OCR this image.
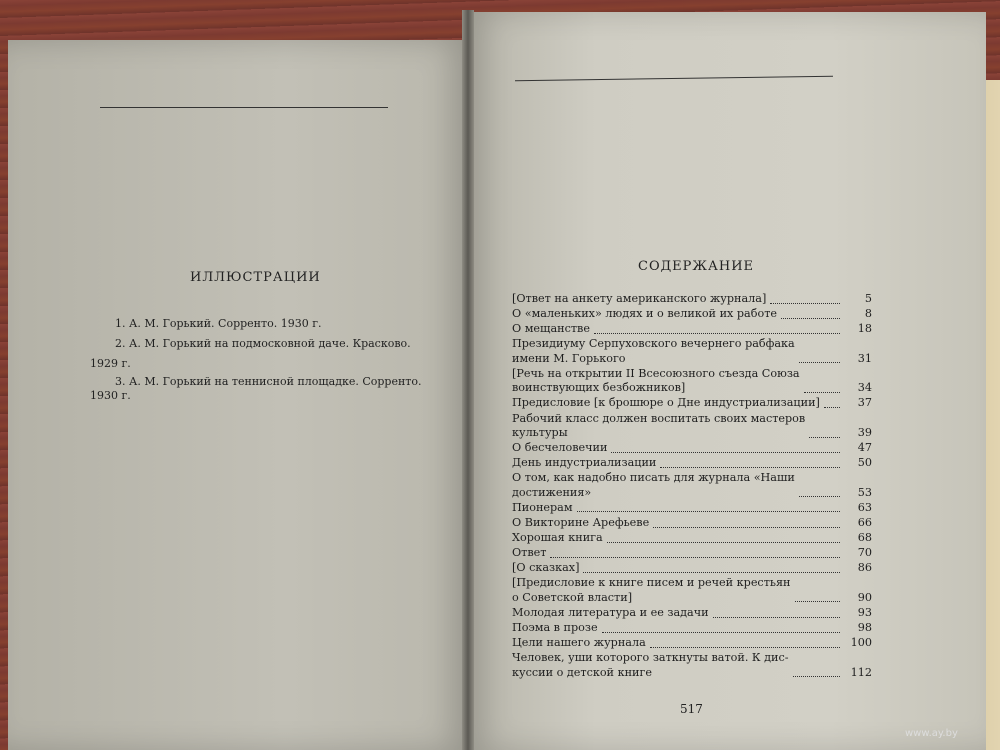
ИЛЛЮСТРАЦИИ
1. А. М. Горький. Сорренто. 1930 г.
2. А. М. Горький на подмосковной даче. Красково.
1929 г.
3. А. М. Горький на теннисной площадке. Сорренто.
1930 г.
СОДЕРЖАНИЕ
[Ответ на анкету американского журнала]	5
О «маленьких» людях и о великой их работе	8
О мещанстве	18
Президиуму Серпуховского вечернего рабфака
имени М. Горького	31
[Речь на открытии II Всесоюзного съезда Союза
воинствующих безбожников]	34
Предисловие [к брошюре о Дне индустриализации]	37
Рабочий класс должен воспитать своих мастеров
культуры	39
О бесчеловечии	47
День индустриализации	50
О том, как надобно писать для журнала «Наши
достижения»	53
Пионерам	63
О Викторине Арефьеве	66
Хорошая книга	68
Ответ	70
[О сказках]	86
[Предисловие к книге писем и речей крестьян
о Советской власти]	90
Молодая литература и ее задачи	93
Поэма в прозе	98
Цели нашего журнала	100
Человек, уши которого заткнуты ватой. К дис-
куссии о детской книге	112
517
www.ay.by
